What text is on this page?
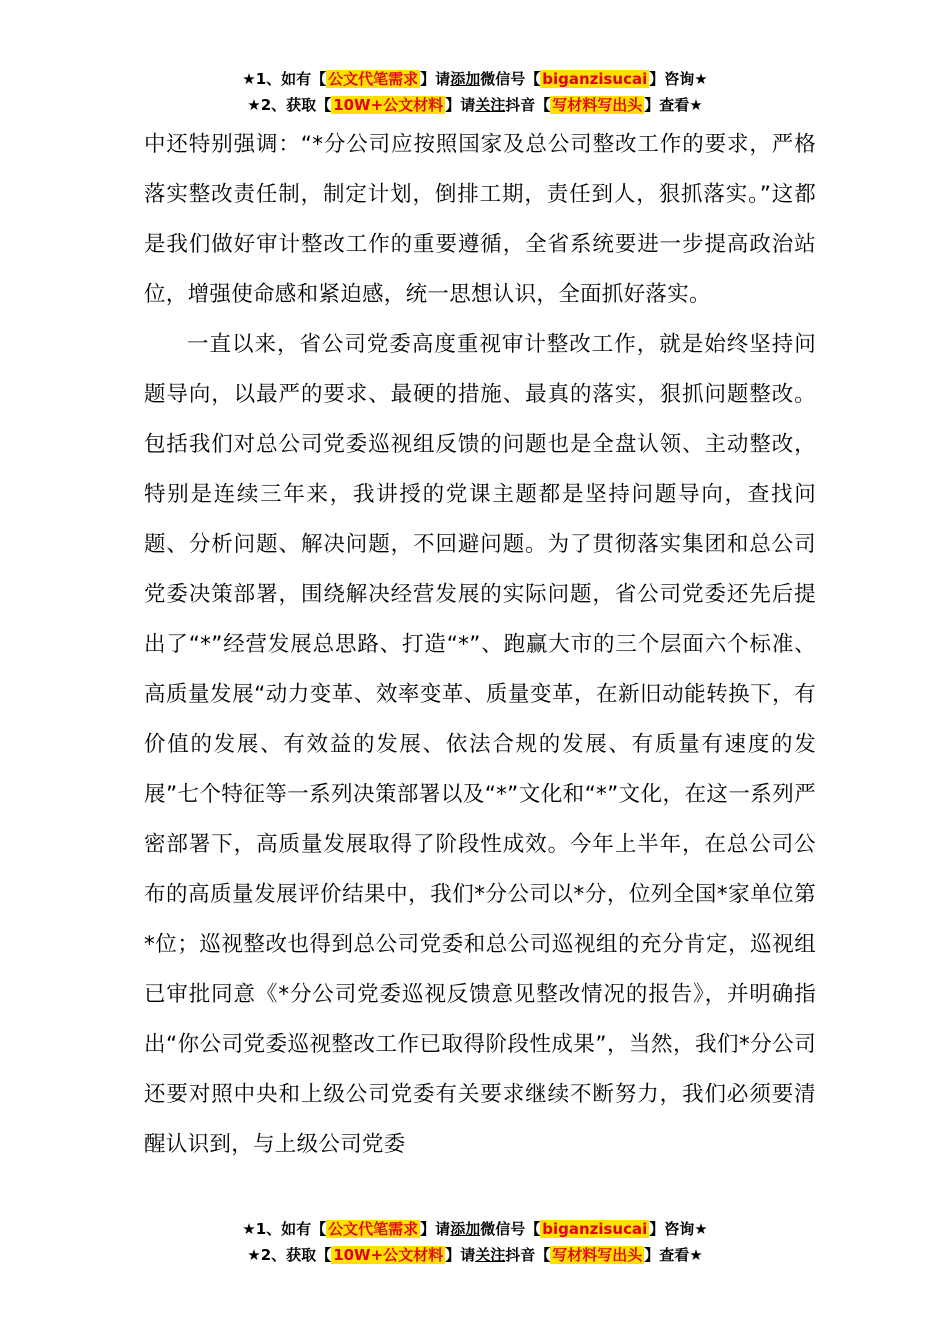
★1、如有【 公文代笔需求 】请添加微信号【 biganzisucai 】咨询★
★2、获取【 10W+公文材料 】请关注抖音【 写材料写出头 】查看★

中还特别强调：“*分公司应按照国家及总公司整改工作的要求，严格落实整改责任制，制定计划，倒排工期，责任到人，狠抓落实。”这都是我们做好审计整改工作的重要遵循，全省系统要进一步提高政治站位，增强使命感和紧迫感，统一思想认识，全面抓好落实。

一直以来，省公司党委高度重视审计整改工作，就是始终坚持问题导向，以最严的要求、最硬的措施、最真的落实，狠抓问题整改。包括我们对总公司党委巡视组反馈的问题也是全盘认领、主动整改，特别是连续三年来，我讲授的党课主题都是坚持问题导向，查找问题、分析问题、解决问题，不回避问题。为了贯彻落实集团和总公司党委决策部署，围绕解决经营发展的实际问题，省公司党委还先后提出了“*”经营发展总思路、打造“*”、跑赢大市的三个层面六个标准、高质量发展“动力变革、效率变革、质量变革，在新旧动能转换下，有价值的发展、有效益的发展、依法合规的发展、有质量有速度的发展”七个特征等一系列决策部署以及“*”文化和“*”文化，在这一系列严密部署下，高质量发展取得了阶段性成效。今年上半年，在总公司公布的高质量发展评价结果中，我们*分公司以*分，位列全国*家单位第*位；巡视整改也得到总公司党委和总公司巡视组的充分肯定，巡视组已审批同意《*分公司党委巡视反馈意见整改情况的报告》，并明确指出“你公司党委巡视整改工作已取得阶段性成果”，当然，我们*分公司还要对照中央和上级公司党委有关要求继续不断努力，我们必须要清醒认识到，与上级公司党委

★1、如有【 公文代笔需求 】请添加微信号【 biganzisucai 】咨询★
★2、获取【 10W+公文材料 】请关注抖音【 写材料写出头 】查看★
